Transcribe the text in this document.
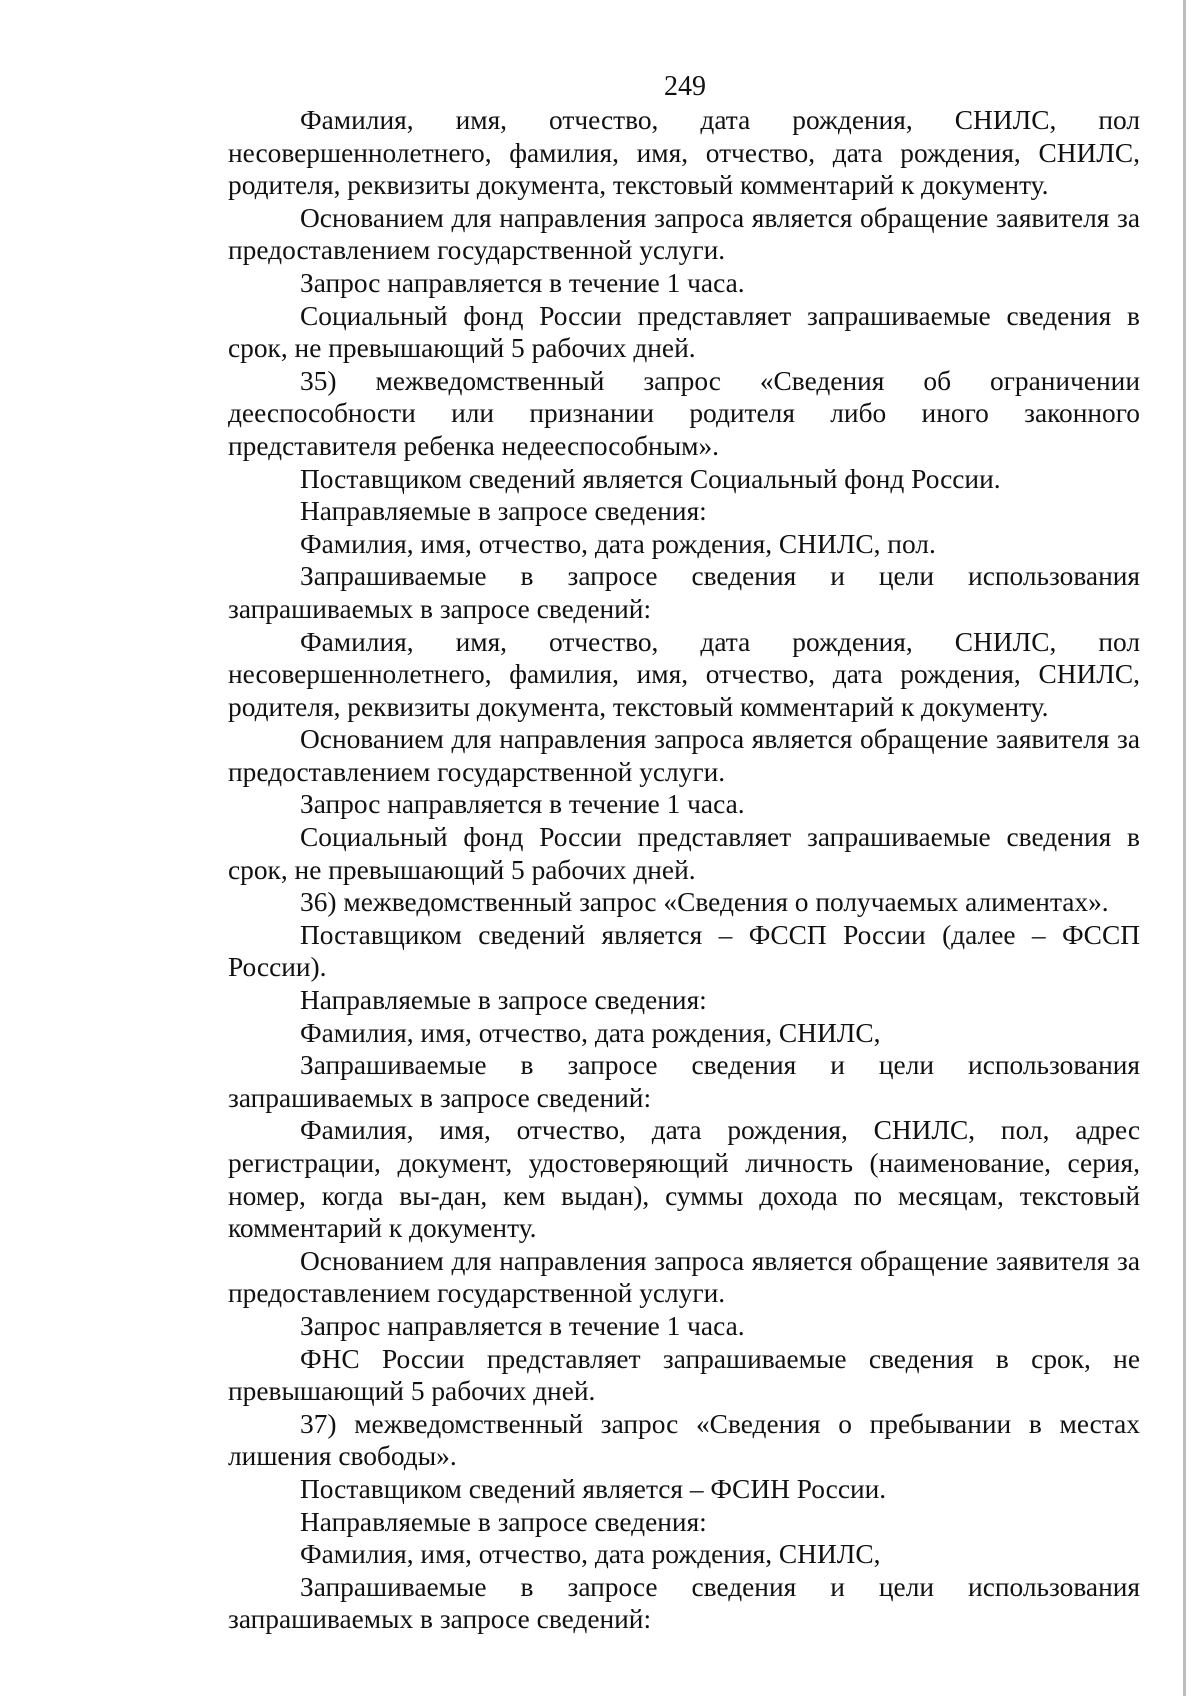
249

Фамилия, имя, отчество, дата рождения, СНИЛС, пол несовершеннолетнего, фамилия, имя, отчество, дата рождения, СНИЛС, родителя, реквизиты документа, текстовый комментарий к документу.

Основанием для направления запроса является обращение заявителя за предоставлением государственной услуги.

Запрос направляется в течение 1 часа.

Социальный фонд России представляет запрашиваемые сведения в срок, не превышающий 5 рабочих дней.

35) межведомственный запрос «Сведения об ограничении дееспособности или признании родителя либо иного законного представителя ребенка недееспособным».

Поставщиком сведений является Социальный фонд России.

Направляемые в запросе сведения:

Фамилия, имя, отчество, дата рождения, СНИЛС, пол.

Запрашиваемые в запросе сведения и цели использования запрашиваемых в запросе сведений:

Фамилия, имя, отчество, дата рождения, СНИЛС, пол несовершеннолетнего, фамилия, имя, отчество, дата рождения, СНИЛС, родителя, реквизиты документа, текстовый комментарий к документу.

Основанием для направления запроса является обращение заявителя за предоставлением государственной услуги.

Запрос направляется в течение 1 часа.

Социальный фонд России представляет запрашиваемые сведения в срок, не превышающий 5 рабочих дней.

36) межведомственный запрос «Сведения о получаемых алиментах».

Поставщиком сведений является – ФССП России (далее – ФССП России).

Направляемые в запросе сведения:

Фамилия, имя, отчество, дата рождения, СНИЛС,

Запрашиваемые в запросе сведения и цели использования запрашиваемых в запросе сведений:

Фамилия, имя, отчество, дата рождения, СНИЛС, пол, адрес регистрации, документ, удостоверяющий личность (наименование, серия, номер, когда вы-дан, кем выдан), суммы дохода по месяцам, текстовый комментарий к документу.

Основанием для направления запроса является обращение заявителя за предоставлением государственной услуги.

Запрос направляется в течение 1 часа.

ФНС России представляет запрашиваемые сведения в срок, не превышающий 5 рабочих дней.

37) межведомственный запрос «Сведения о пребывании в местах лишения свободы».

Поставщиком сведений является – ФСИН России.

Направляемые в запросе сведения:

Фамилия, имя, отчество, дата рождения, СНИЛС,

Запрашиваемые в запросе сведения и цели использования запрашиваемых в запросе сведений:
